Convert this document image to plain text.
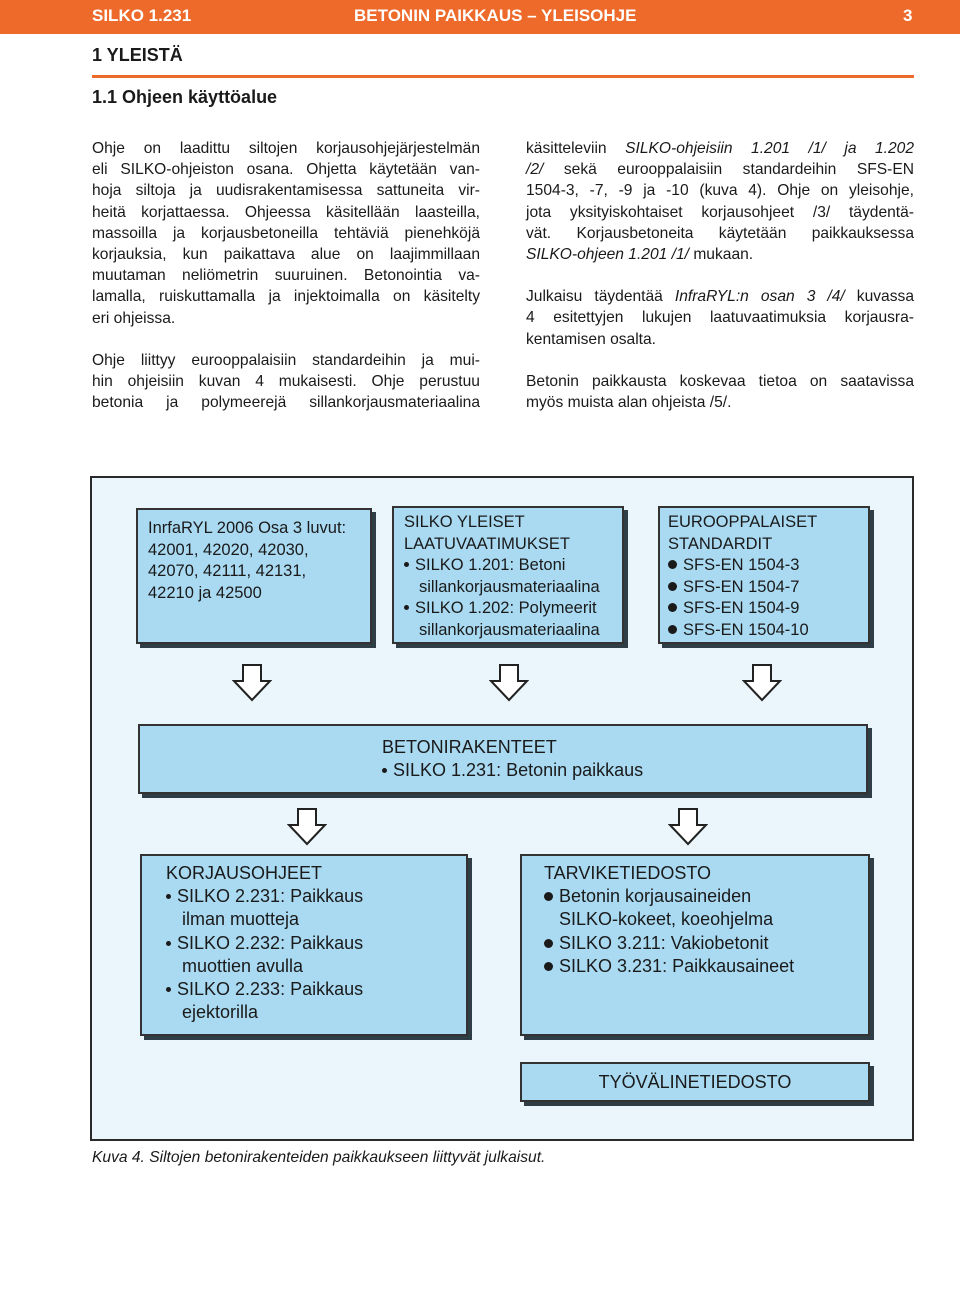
SILKO 1.231	BETONIN PAIKKAUS – YLEISOHJE	3
1 YLEISTÄ
1.1 Ohjeen käyttöalue

Ohje on laadittu siltojen korjausohjejärjestelmän
eli SILKO-ohjeiston osana. Ohjetta käytetään van-
hoja siltoja ja uudisrakentamisessa sattuneita vir-
heitä korjattaessa. Ohjeessa käsitellään laasteilla,
massoilla ja korjausbetoneilla tehtäviä pienehköjä
korjauksia, kun paikattava alue on laajimmillaan
muutaman neliömetrin suuruinen. Betonointia va-
lamalla, ruiskuttamalla ja injektoimalla on käsitelty
eri ohjeissa.

Ohje liittyy eurooppalaisiin standardeihin ja mui-
hin ohjeisiin kuvan 4 mukaisesti. Ohje perustuu
betonia ja polymeerejä sillankorjausmateriaalina

käsitteleviin SILKO-ohjeisiin 1.201 /1/ ja 1.202
/2/ sekä eurooppalaisiin standardeihin SFS-EN
1504-3, -7, -9 ja -10 (kuva 4). Ohje on yleisohje,
jota yksityiskohtaiset korjausohjeet /3/ täydentä-
vät. Korjausbetoneita käytetään paikkauksessa
SILKO-ohjeen 1.201 /1/ mukaan.

Julkaisu täydentää InfraRYL:n osan 3 /4/ kuvassa
4 esitettyjen lukujen laatuvaatimuksia korjausra-
kentamisen osalta.

Betonin paikkausta koskevaa tietoa on saatavissa
myös muista alan ohjeista /5/.

InrfaRYL 2006 Osa 3 luvut:
42001, 42020, 42030,
42070, 42111, 42131,
42210 ja 42500
SILKO YLEISET
LAATUVAATIMUKSET
SILKO 1.201: Betoni
sillankorjausmateriaalina
SILKO 1.202: Polymeerit
sillankorjausmateriaalina
EUROOPPALAISET
STANDARDIT
SFS-EN 1504-3
SFS-EN 1504-7
SFS-EN 1504-9
SFS-EN 1504-10
BETONIRAKENTEET
SILKO 1.231: Betonin paikkaus
KORJAUSOHJEET
SILKO 2.231: Paikkaus
ilman muotteja
SILKO 2.232: Paikkaus
muottien avulla
SILKO 2.233: Paikkaus
ejektorilla
TARVIKETIEDOSTO
Betonin korjausaineiden
SILKO-kokeet, koeohjelma
SILKO 3.211: Vakiobetonit
SILKO 3.231: Paikkausaineet
TYÖVÄLINETIEDOSTO
Kuva 4. Siltojen betonirakenteiden paikkaukseen liittyvät julkaisut.
